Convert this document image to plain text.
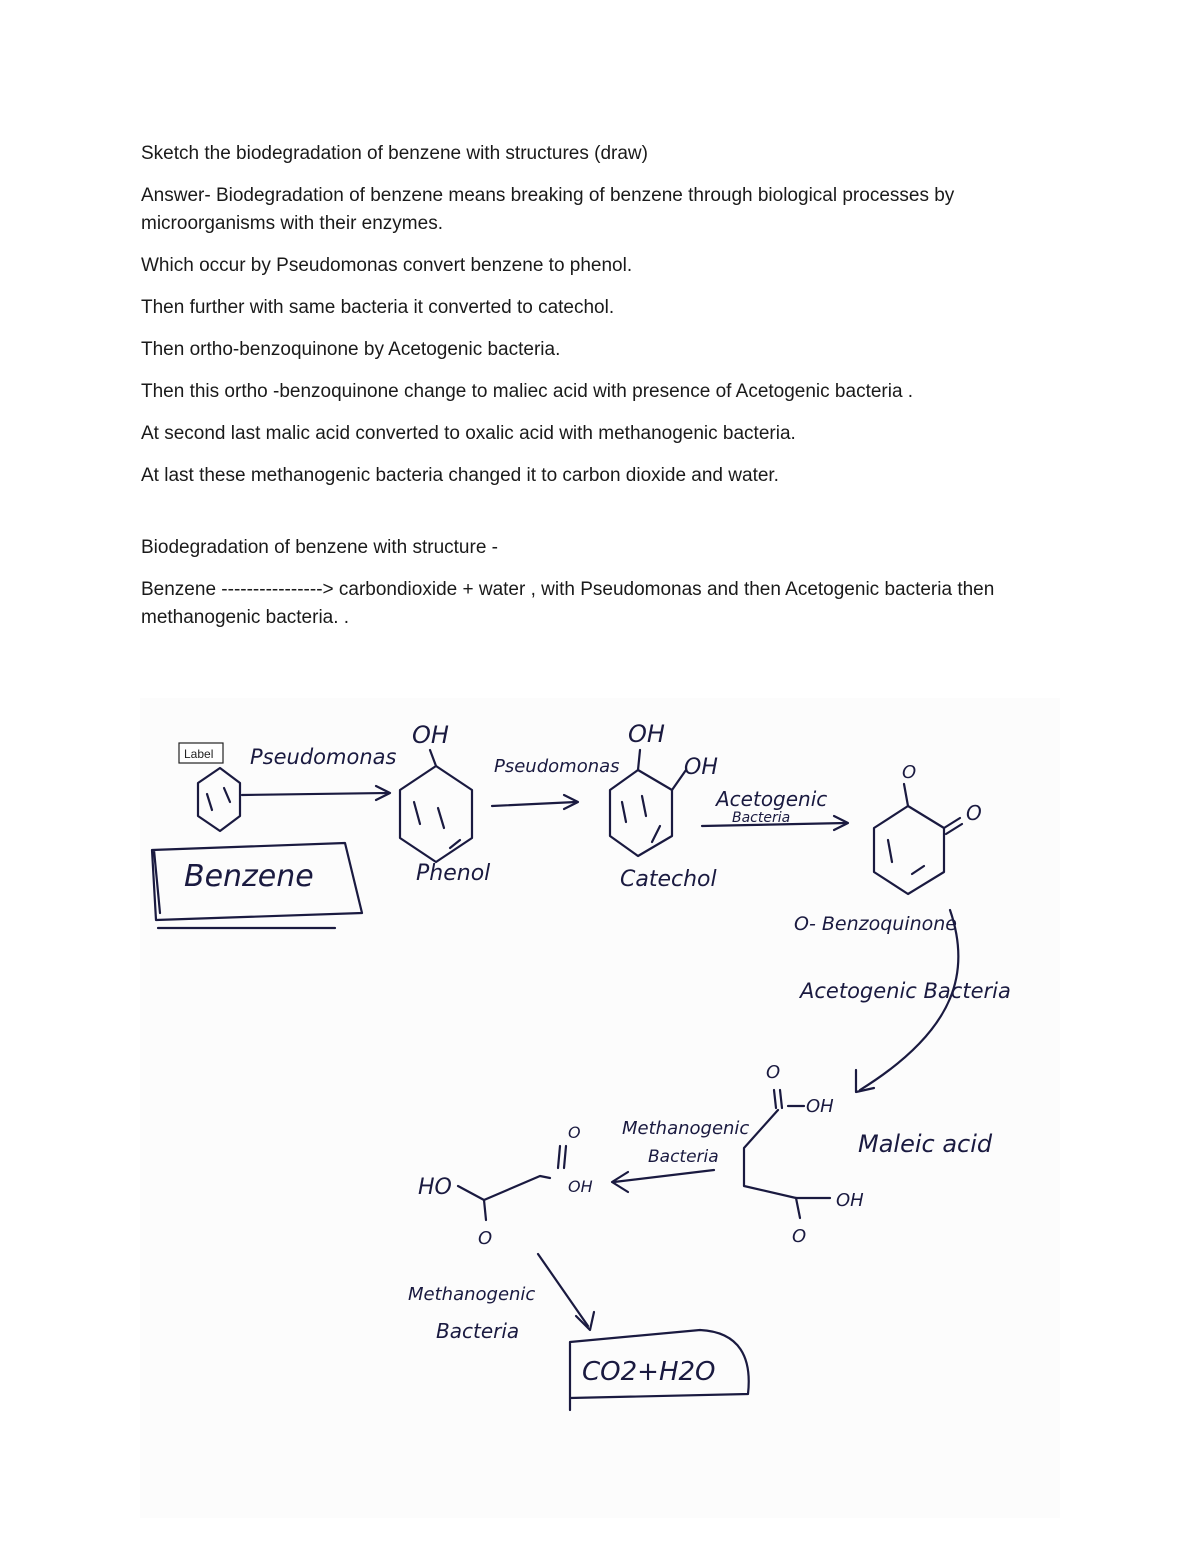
Sketch the biodegradation of benzene with structures (draw)

Answer- Biodegradation of benzene means breaking of benzene through biological processes by microorganisms with their enzymes.

Which occur by Pseudomonas convert benzene to phenol.

Then further with same bacteria it converted to catechol.

Then ortho-benzoquinone by Acetogenic bacteria.

Then this ortho -benzoquinone change to maliec acid with presence of Acetogenic bacteria .

At second last malic acid converted to oxalic acid with methanogenic bacteria.

At last these methanogenic bacteria changed it to carbon dioxide and water.

Biodegradation of benzene with structure -

Benzene ----------------> carbondioxide + water , with Pseudomonas and then Acetogenic bacteria then methanogenic bacteria. .

Label
Benzene
Pseudomonas
OH
Phenol
Pseudomonas
OH
OH
Catechol
Acetogenic
Bacteria
O
O
O- Benzoquinone
Acetogenic Bacteria
O
OH
OH
O
Maleic acid
Methanogenic
Bacteria
O
OH
HO
O
Methanogenic
Bacteria
CO2+H2O
